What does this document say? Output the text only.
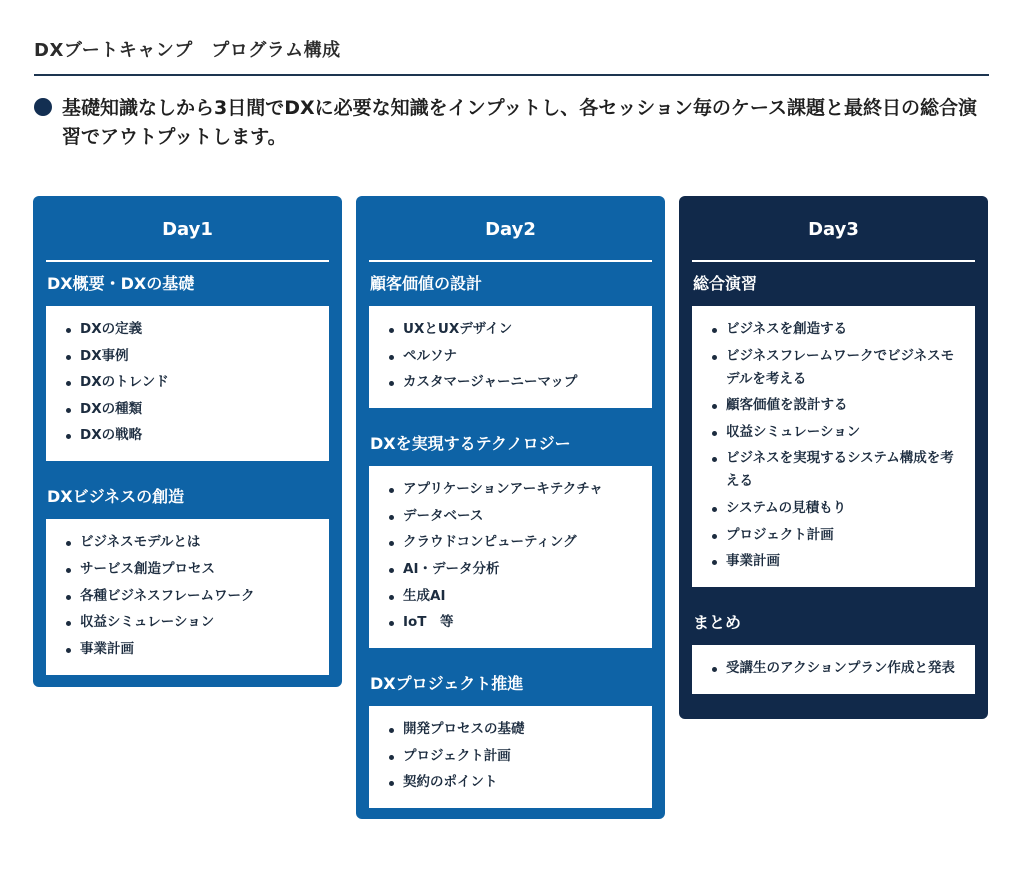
DXブートキャンプ　プログラム構成

基礎知識なしから3日間でDXに必要な知識をインプットし、各セッション毎のケース課題と最終日の総合演習でアウトプットします。

Day1
DX概要・DXの基礎
DXの定義
DX事例
DXのトレンド
DXの種類
DXの戦略
DXビジネスの創造
ビジネスモデルとは
サービス創造プロセス
各種ビジネスフレームワーク
収益シミュレーション
事業計画
Day2
顧客価値の設計
UXとUXデザイン
ペルソナ
カスタマージャーニーマップ
DXを実現するテクノロジー
アプリケーションアーキテクチャ
データベース
クラウドコンピューティング
AI・データ分析
生成AI
IoT　等
DXプロジェクト推進
開発プロセスの基礎
プロジェクト計画
契約のポイント
Day3
総合演習
ビジネスを創造する
ビジネスフレームワークでビジネスモデルを考える
顧客価値を設計する
収益シミュレーション
ビジネスを実現するシステム構成を考える
システムの見積もり
プロジェクト計画
事業計画
まとめ
受講生のアクションプラン作成と発表
